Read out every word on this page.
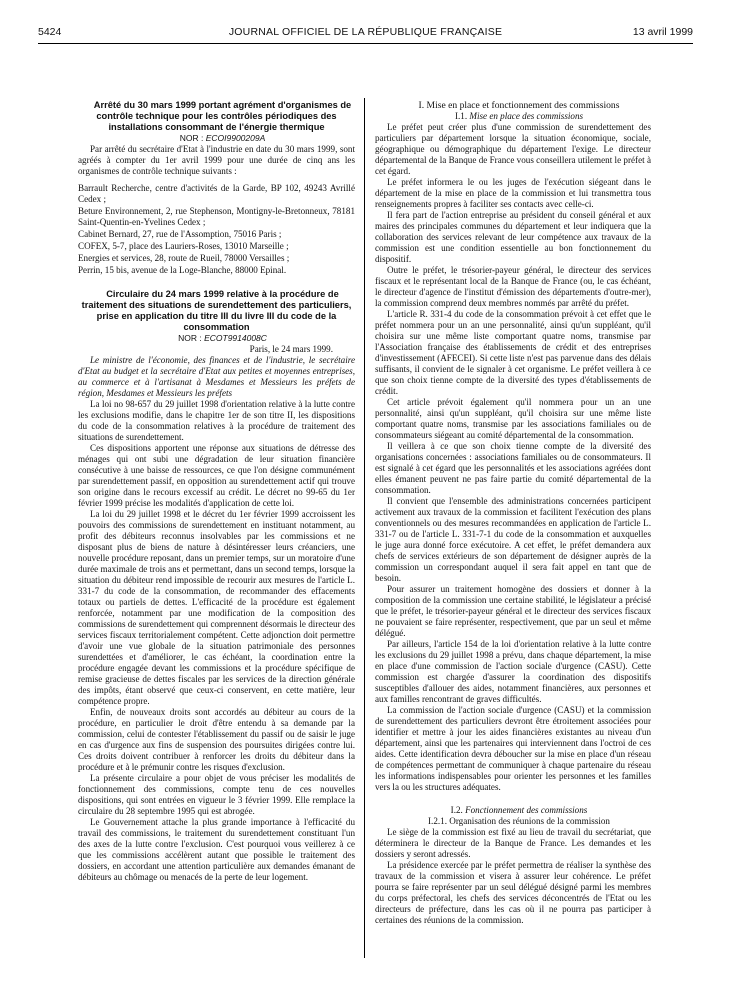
5424	JOURNAL OFFICIEL DE LA RÉPUBLIQUE FRANÇAISE	13 avril 1999

Arrêté du 30 mars 1999 portant agrément d'organismes de contrôle technique pour les contrôles périodiques des installations consommant de l'énergie thermique

NOR : ECOI9900209A

Par arrêté du secrétaire d'Etat à l'industrie en date du 30 mars 1999, sont agréés à compter du 1er avril 1999 pour une durée de cinq ans les organismes de contrôle technique suivants :

Barrault Recherche, centre d'activités de la Garde, BP 102, 49243 Avrillé Cedex ;

Beture Environnement, 2, rue Stephenson, Montigny-le-Bretonneux, 78181 Saint-Quentin-en-Yvelines Cedex ;

Cabinet Bernard, 27, rue de l'Assomption, 75016 Paris ;

COFEX, 5-7, place des Lauriers-Roses, 13010 Marseille ;

Energies et services, 28, route de Rueil, 78000 Versailles ;

Perrin, 15 bis, avenue de la Loge-Blanche, 88000 Epinal.

Circulaire du 24 mars 1999 relative à la procédure de traitement des situations de surendettement des particuliers, prise en application du titre III du livre III du code de la consommation

NOR : ECOT9914008C

Paris, le 24 mars 1999.

Le ministre de l'économie, des finances et de l'industrie, le secrétaire d'Etat au budget et la secrétaire d'Etat aux petites et moyennes entreprises, au commerce et à l'artisanat à Mesdames et Messieurs les préfets de région, Mesdames et Messieurs les préfets

La loi no 98-657 du 29 juillet 1998 d'orientation relative à la lutte contre les exclusions modifie, dans le chapitre 1er de son titre II, les dispositions du code de la consommation relatives à la procédure de traitement des situations de surendettement.

Ces dispositions apportent une réponse aux situations de détresse des ménages qui ont subi une dégradation de leur situation financière consécutive à une baisse de ressources, ce que l'on désigne communément par surendettement passif, en opposition au surendettement actif qui trouve son origine dans le recours excessif au crédit. Le décret no 99-65 du 1er février 1999 précise les modalités d'application de cette loi.

La loi du 29 juillet 1998 et le décret du 1er février 1999 accroissent les pouvoirs des commissions de surendettement en instituant notamment, au profit des débiteurs reconnus insolvables par les commissions et ne disposant plus de biens de nature à désintéresser leurs créanciers, une nouvelle procédure reposant, dans un premier temps, sur un moratoire d'une durée maximale de trois ans et permettant, dans un second temps, lorsque la situation du débiteur rend impossible de recourir aux mesures de l'article L. 331-7 du code de la consommation, de recommander des effacements totaux ou partiels de dettes. L'efficacité de la procédure est également renforcée, notamment par une modification de la composition des commissions de surendettement qui comprennent désormais le directeur des services fiscaux territorialement compétent. Cette adjonction doit permettre d'avoir une vue globale de la situation patrimoniale des personnes surendettées et d'améliorer, le cas échéant, la coordination entre la procédure engagée devant les commissions et la procédure spécifique de remise gracieuse de dettes fiscales par les services de la direction générale des impôts, étant observé que ceux-ci conservent, en cette matière, leur compétence propre.

Enfin, de nouveaux droits sont accordés au débiteur au cours de la procédure, en particulier le droit d'être entendu à sa demande par la commission, celui de contester l'établissement du passif ou de saisir le juge en cas d'urgence aux fins de suspension des poursuites dirigées contre lui. Ces droits doivent contribuer à renforcer les droits du débiteur dans la procédure et à le prémunir contre les risques d'exclusion.

La présente circulaire a pour objet de vous préciser les modalités de fonctionnement des commissions, compte tenu de ces nouvelles dispositions, qui sont entrées en vigueur le 3 février 1999. Elle remplace la circulaire du 28 septembre 1995 qui est abrogée.

Le Gouvernement attache la plus grande importance à l'efficacité du travail des commissions, le traitement du surendettement constituant l'un des axes de la lutte contre l'exclusion. C'est pourquoi vous veillerez à ce que les commissions accélèrent autant que possible le traitement des dossiers, en accordant une attention particulière aux demandes émanant de débiteurs au chômage ou menacés de la perte de leur logement.

I. Mise en place et fonctionnement des commissions

I.1. Mise en place des commissions

Le préfet peut créer plus d'une commission de surendettement des particuliers par département lorsque la situation économique, sociale, géographique ou démographique du département l'exige. Le directeur départemental de la Banque de France vous conseillera utilement le préfet à cet égard.

Le préfet informera le ou les juges de l'exécution siégeant dans le département de la mise en place de la commission et lui transmettra tous renseignements propres à faciliter ses contacts avec celle-ci.

Il fera part de l'action entreprise au président du conseil général et aux maires des principales communes du département et leur indiquera que la collaboration des services relevant de leur compétence aux travaux de la commission est une condition essentielle au bon fonctionnement du dispositif.

Outre le préfet, le trésorier-payeur général, le directeur des services fiscaux et le représentant local de la Banque de France (ou, le cas échéant, le directeur d'agence de l'institut d'émission des départements d'outre-mer), la commission comprend deux membres nommés par arrêté du préfet.

L'article R. 331-4 du code de la consommation prévoit à cet effet que le préfet nommera pour un an une personnalité, ainsi qu'un suppléant, qu'il choisira sur une même liste comportant quatre noms, transmise par l'Association française des établissements de crédit et des entreprises d'investissement (AFECEI). Si cette liste n'est pas parvenue dans des délais suffisants, il convient de le signaler à cet organisme. Le préfet veillera à ce que son choix tienne compte de la diversité des types d'établissements de crédit.

Cet article prévoit également qu'il nommera pour un an une personnalité, ainsi qu'un suppléant, qu'il choisira sur une même liste comportant quatre noms, transmise par les associations familiales ou de consommateurs siégeant au comité départemental de la consommation.

Il veillera à ce que son choix tienne compte de la diversité des organisations concernées : associations familiales ou de consommateurs. Il est signalé à cet égard que les personnalités et les associations agréées dont elles émanent peuvent ne pas faire partie du comité départemental de la consommation.

Il convient que l'ensemble des administrations concernées participent activement aux travaux de la commission et facilitent l'exécution des plans conventionnels ou des mesures recommandées en application de l'article L. 331-7 ou de l'article L. 331-7-1 du code de la consommation et auxquelles le juge aura donné force exécutoire. A cet effet, le préfet demandera aux chefs de services extérieurs de son département de désigner auprès de la commission un correspondant auquel il sera fait appel en tant que de besoin.

Pour assurer un traitement homogène des dossiers et donner à la composition de la commission une certaine stabilité, le législateur a précisé que le préfet, le trésorier-payeur général et le directeur des services fiscaux ne pouvaient se faire représenter, respectivement, que par un seul et même délégué.

Par ailleurs, l'article 154 de la loi d'orientation relative à la lutte contre les exclusions du 29 juillet 1998 a prévu, dans chaque département, la mise en place d'une commission de l'action sociale d'urgence (CASU). Cette commission est chargée d'assurer la coordination des dispositifs susceptibles d'allouer des aides, notamment financières, aux personnes et aux familles rencontrant de graves difficultés.

La commission de l'action sociale d'urgence (CASU) et la commission de surendettement des particuliers devront être étroitement associées pour identifier et mettre à jour les aides financières existantes au niveau d'un département, ainsi que les partenaires qui interviennent dans l'octroi de ces aides. Cette identification devra déboucher sur la mise en place d'un réseau de compétences permettant de communiquer à chaque partenaire du réseau les informations indispensables pour orienter les personnes et les familles vers la ou les structures adéquates.

I.2. Fonctionnement des commissions

I.2.1. Organisation des réunions de la commission

Le siège de la commission est fixé au lieu de travail du secrétariat, que déterminera le directeur de la Banque de France. Les demandes et les dossiers y seront adressés.

La présidence exercée par le préfet permettra de réaliser la synthèse des travaux de la commission et visera à assurer leur cohérence. Le préfet pourra se faire représenter par un seul délégué désigné parmi les membres du corps préfectoral, les chefs des services déconcentrés de l'Etat ou les directeurs de préfecture, dans les cas où il ne pourra pas participer à certaines des réunions de la commission.
